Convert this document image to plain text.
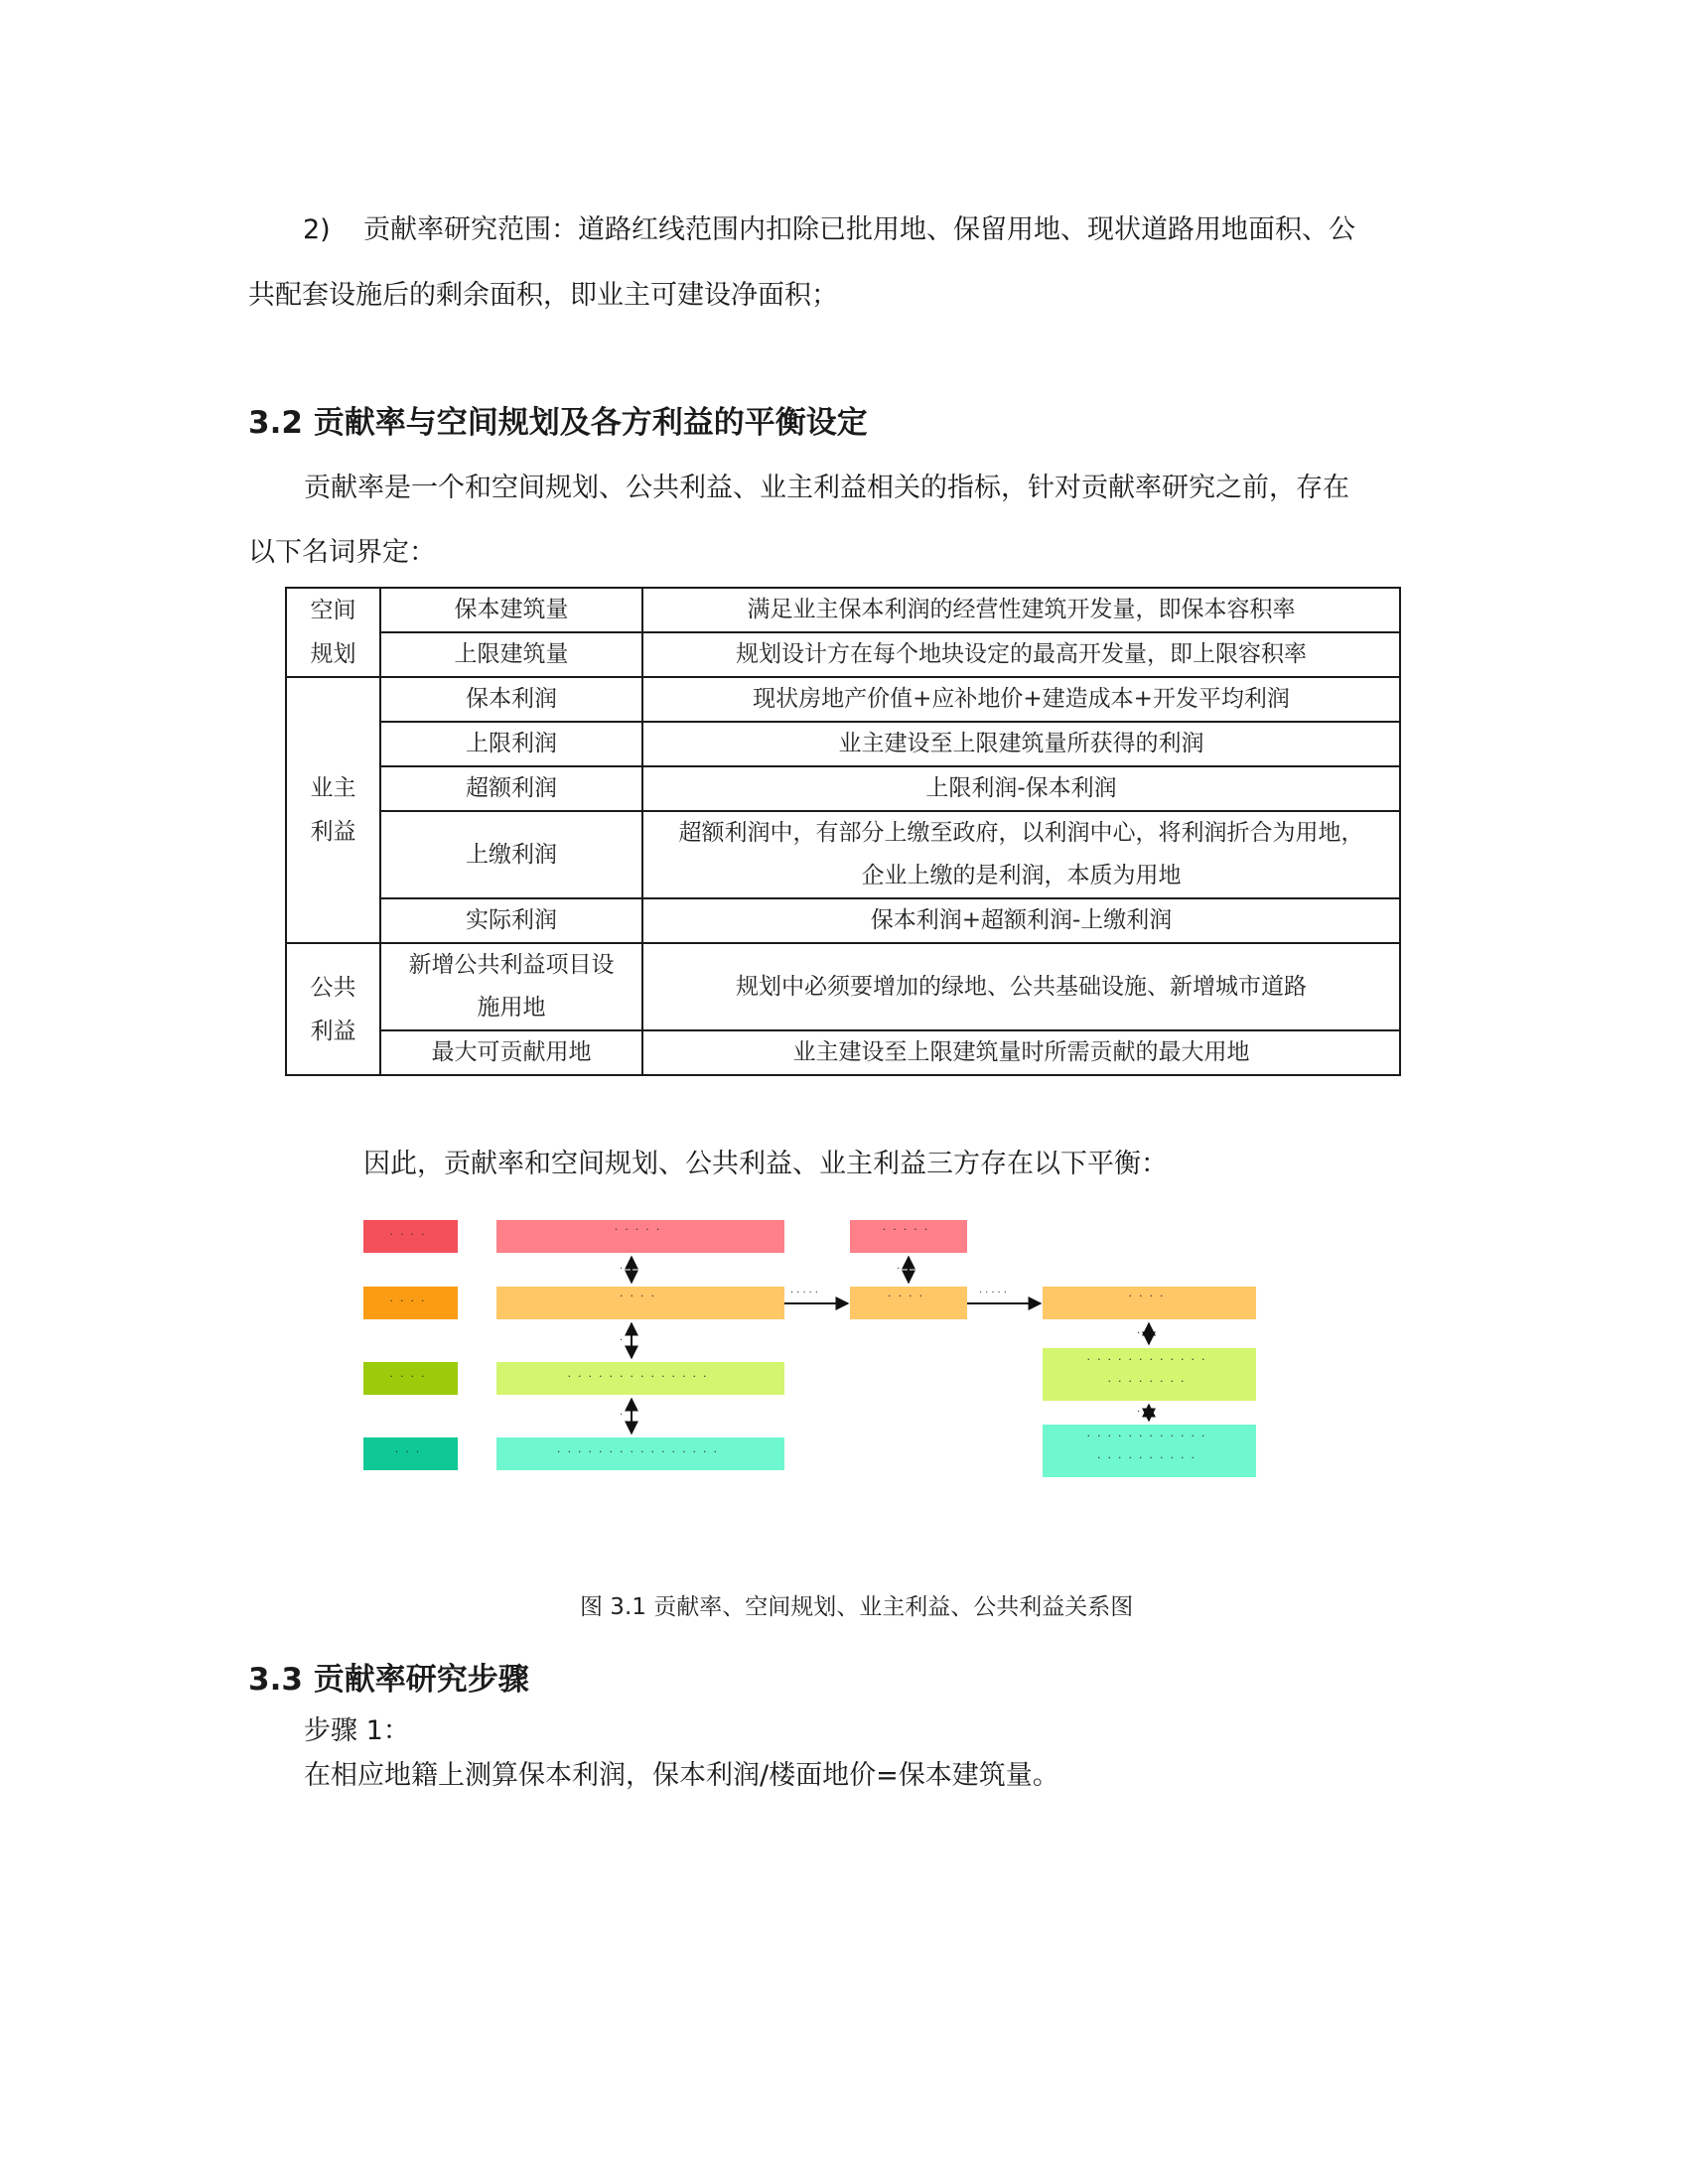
2) 贡献率研究范围：道路红线范围内扣除已批用地、保留用地、现状道路用地面积、公
共配套设施后的剩余面积，即业主可建设净面积；
3.2 贡献率与空间规划及各方利益的平衡设定
贡献率是一个和空间规划、公共利益、业主利益相关的指标，针对贡献率研究之前，存在
以下名词界定：
空间
规划	保本建筑量	满足业主保本利润的经营性建筑开发量，即保本容积率
	上限建筑量	规划设计方在每个地块设定的最高开发量，即上限容积率
业主
利益	保本利润	现状房地产价值+应补地价+建造成本+开发平均利润
	上限利润	业主建设至上限建筑量所获得的利润
	超额利润	上限利润-保本利润
	上缴利润	超额利润中，有部分上缴至政府，以利润中心，将利润折合为用地，
企业上缴的是利润，本质为用地
	实际利润	保本利润+超额利润-上缴利润
公共
利益	新增公共利益项目设
施用地	规划中必须要增加的绿地、公共基础设施、新增城市道路
	最大可贡献用地	业主建设至上限建筑量时所需贡献的最大用地
因此，贡献率和空间规划、公共利益、业主利益三方存在以下平衡：
····
····
····
···
·····
····
··············
················
·····
····	····
············
········
············
··········
·
·
·
·
·
·
·····	·····
图 3.1 贡献率、空间规划、业主利益、公共利益关系图
3.3 贡献率研究步骤
步骤 1：
在相应地籍上测算保本利润，保本利润/楼面地价=保本建筑量。
